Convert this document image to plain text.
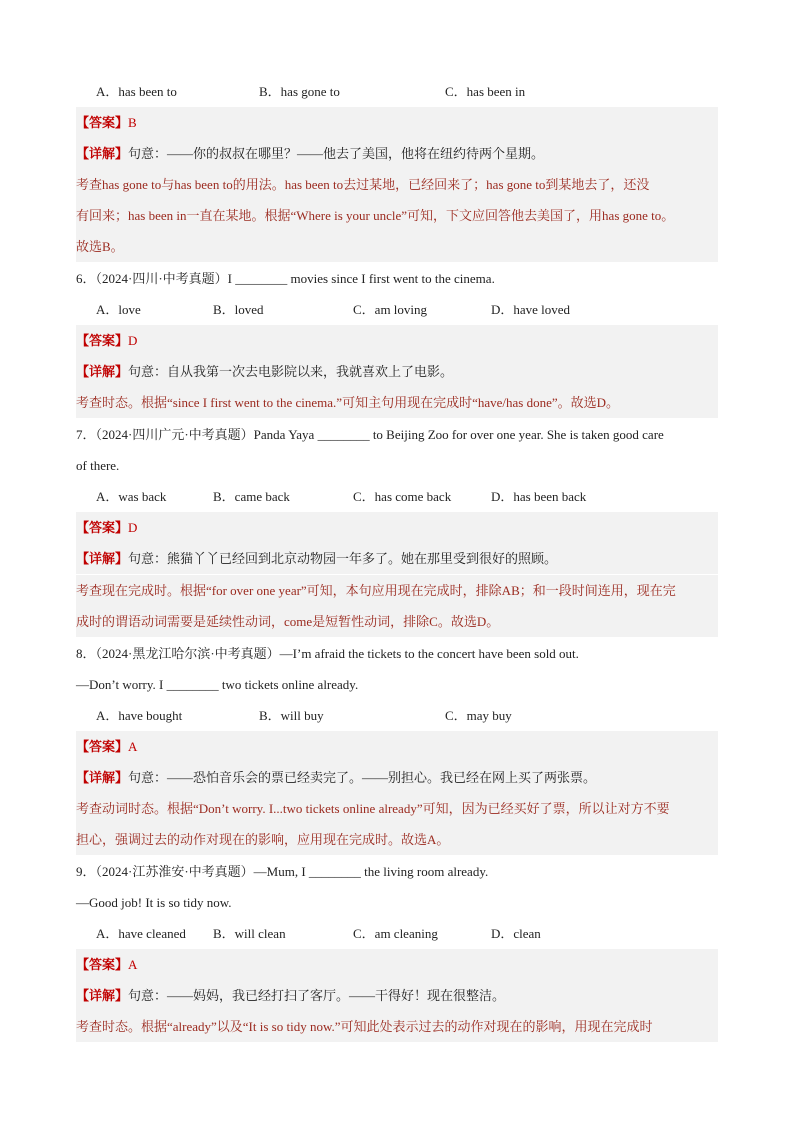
A．has been to	B．has gone to	C．has been in
【答案】B
【详解】句意：——你的叔叔在哪里？——他去了美国，他将在纽约待两个星期。
考查has gone to与has been to的用法。has been to去过某地，已经回来了；has gone to到某地去了，还没
有回来；has been in一直在某地。根据“Where is your uncle”可知，下文应回答他去美国了，用has gone to。
故选B。
6．（2024·四川·中考真题）I ________ movies since I first went to the cinema.
A．love	B．loved	C．am loving	D．have loved
【答案】D
【详解】句意：自从我第一次去电影院以来，我就喜欢上了电影。
考查时态。根据“since I first went to the cinema.”可知主句用现在完成时“have/has done”。故选D。
7．（2024·四川广元·中考真题）Panda Yaya ________ to Beijing Zoo for over one year. She is taken good care
of there.
A．was back	B．came back	C．has come back	D．has been back
【答案】D
【详解】句意：熊猫丫丫已经回到北京动物园一年多了。她在那里受到很好的照顾。
考查现在完成时。根据“for over one year”可知，本句应用现在完成时，排除AB；和一段时间连用，现在完
成时的谓语动词需要是延续性动词，come是短暂性动词，排除C。故选D。
8．（2024·黑龙江哈尔滨·中考真题）—I’m afraid the tickets to the concert have been sold out.
—Don’t worry. I ________ two tickets online already.
A．have bought	B．will buy	C．may buy
【答案】A
【详解】句意：——恐怕音乐会的票已经卖完了。——别担心。我已经在网上买了两张票。
考查动词时态。根据“Don’t worry. I...two tickets online already”可知，因为已经买好了票，所以让对方不要
担心，强调过去的动作对现在的影响，应用现在完成时。故选A。
9．（2024·江苏淮安·中考真题）—Mum, I ________ the living room already.
—Good job! It is so tidy now.
A．have cleaned B．will clean	C．am cleaning	D．clean
【答案】A
【详解】句意：——妈妈，我已经打扫了客厅。——干得好！现在很整洁。
考查时态。根据“already”以及“It is so tidy now.”可知此处表示过去的动作对现在的影响，用现在完成时
